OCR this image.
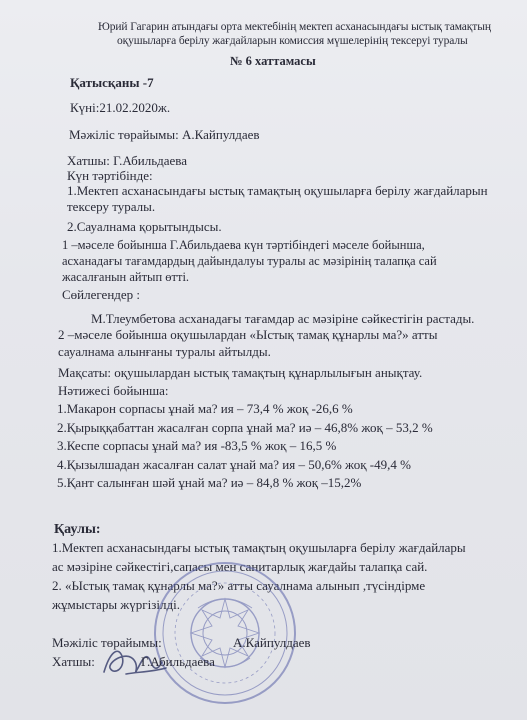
Юрий Гагарин атындағы орта мектебінің мектеп асханасындағы ыстық тамақтың
оқушыларға берілу жағдайларын комиссия мүшелерінің тексеруі туралы
№ 6 хаттамасы
Қатысқаны -7
Күні:21.02.2020ж.
Мәжіліс төрайымы: А.Кайпулдаев
Хатшы: Г.Абильдаева
Күн тәртібінде:
1.Мектеп асханасындағы ыстық тамақтың оқушыларға берілу жағдайларын
тексеру туралы.
2.Сауалнама қорытындысы.
1 –мәселе бойынша Г.Абильдаева күн тәртібіндегі мәселе бойынша,
асханадағы тағамдардың дайындалуы туралы ас мәзірінің талапқа сай
жасалғанын айтып өтті.
Сөйлегендер :
М.Тлеумбетова асханадағы тағамдар ас мәзіріне сәйкестігін растады.
2 –мәселе бойынша оқушылардан «Ыстық тамақ құнарлы ма?» атты
сауалнама алынғаны туралы айтылды.
Мақсаты: оқушылардан ыстық тамақтың құнарлылығын анықтау.
Нәтижесі бойынша:
1.Макарон сорпасы ұнай ма? ия – 73,4 % жоқ -26,6 %
2.Қырыққабаттан жасалған сорпа ұнай ма? иә – 46,8% жоқ – 53,2 %
3.Кеспе сорпасы ұнай ма? ия -83,5 % жоқ – 16,5 %
4.Қызылшадан жасалған салат ұнай ма? ия – 50,6% жоқ -49,4 %
5.Қант салынған шәй ұнай ма? иә – 84,8 % жоқ –15,2%
Қаулы:
1.Мектеп асханасындағы ыстық тамақтың оқушыларға берілу жағдайлары
ас мәзіріне сәйкестігі,сапасы мен санитарлық жағдайы талапқа сай.
2. «Ыстық тамақ құнарлы ма?» атты сауалнама алынып ,түсіндірме
жұмыстары жүргізілді.
Мәжіліс төрайымы:	А.Кайпулдаев
Хатшы:	Г.Абильдаева
